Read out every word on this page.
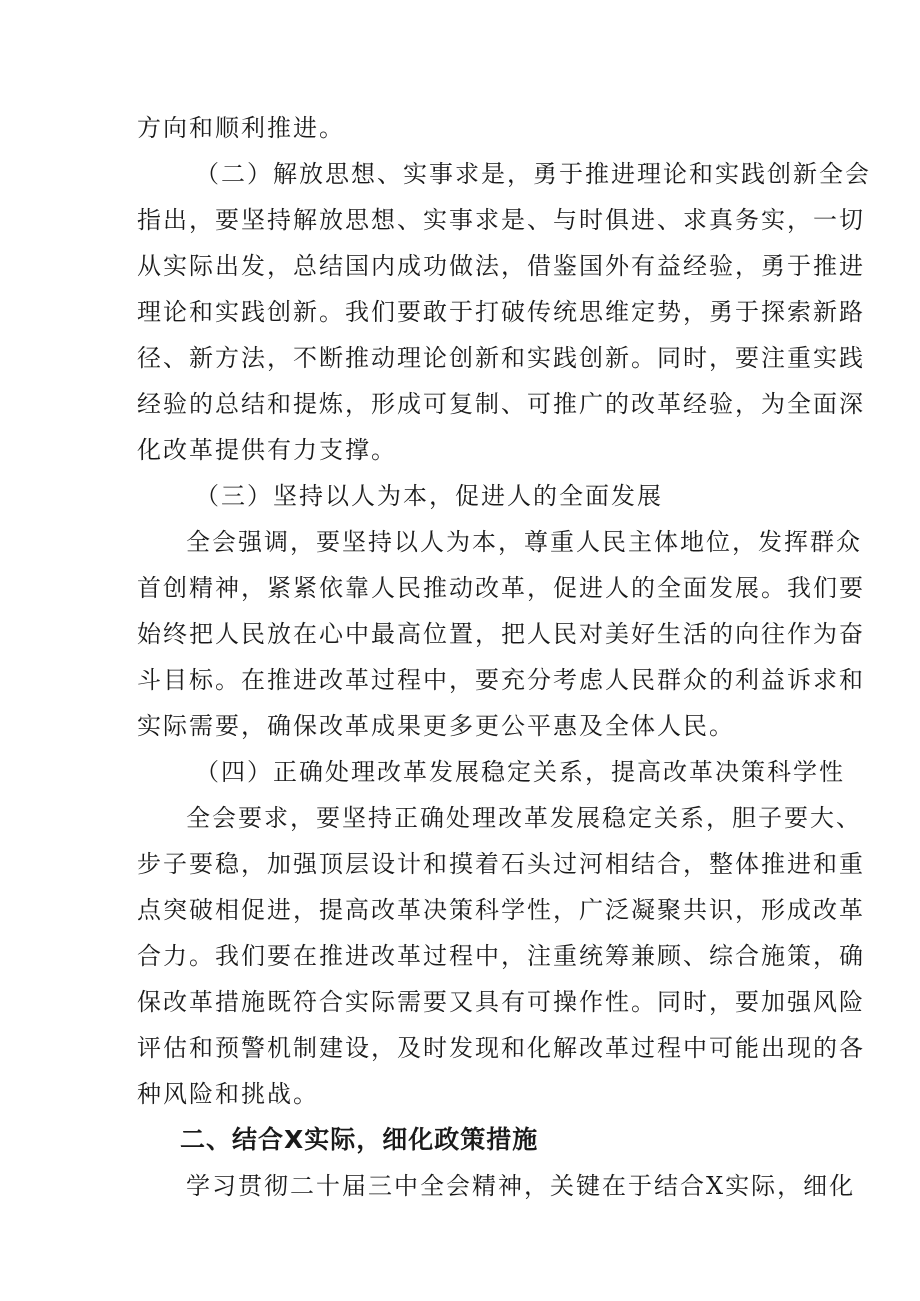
方向和顺利推进。
（二）解放思想、实事求是，勇于推进理论和实践创新全会
指出，要坚持解放思想、实事求是、与时俱进、求真务实，一切
从实际出发，总结国内成功做法，借鉴国外有益经验，勇于推进
理论和实践创新。我们要敢于打破传统思维定势，勇于探索新路
径、新方法，不断推动理论创新和实践创新。同时，要注重实践
经验的总结和提炼，形成可复制、可推广的改革经验，为全面深
化改革提供有力支撑。
（三）坚持以人为本，促进人的全面发展
全会强调，要坚持以人为本，尊重人民主体地位，发挥群众
首创精神，紧紧依靠人民推动改革，促进人的全面发展。我们要
始终把人民放在心中最高位置，把人民对美好生活的向往作为奋
斗目标。在推进改革过程中，要充分考虑人民群众的利益诉求和
实际需要，确保改革成果更多更公平惠及全体人民。
（四）正确处理改革发展稳定关系，提高改革决策科学性
全会要求，要坚持正确处理改革发展稳定关系，胆子要大、
步子要稳，加强顶层设计和摸着石头过河相结合，整体推进和重
点突破相促进，提高改革决策科学性，广泛凝聚共识，形成改革
合力。我们要在推进改革过程中，注重统筹兼顾、综合施策，确
保改革措施既符合实际需要又具有可操作性。同时，要加强风险
评估和预警机制建设，及时发现和化解改革过程中可能出现的各
种风险和挑战。
二、结合X实际，细化政策措施
学习贯彻二十届三中全会精神，关键在于结合X实际，细化
